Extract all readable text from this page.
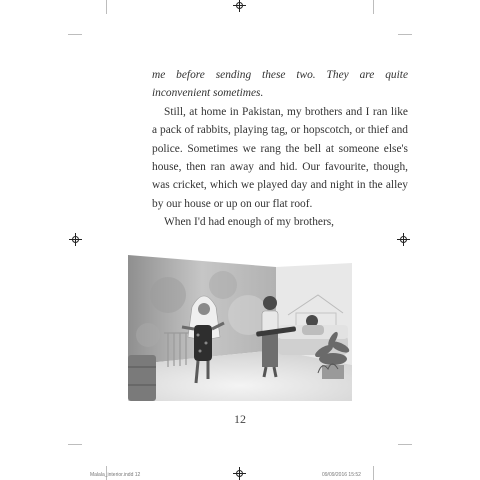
me before sending these two. They are quite inconvenient sometimes.

Still, at home in Pakistan, my brothers and I ran like a pack of rabbits, playing tag, or hopscotch, or thief and police. Sometimes we rang the bell at someone else's house, then ran away and hid. Our favourite, though, was cricket, which we played day and night in the alley by our house or up on our flat roof.

When I'd had enough of my brothers,

12
Malala_interior.indd 12	09/09/2016 15:52
